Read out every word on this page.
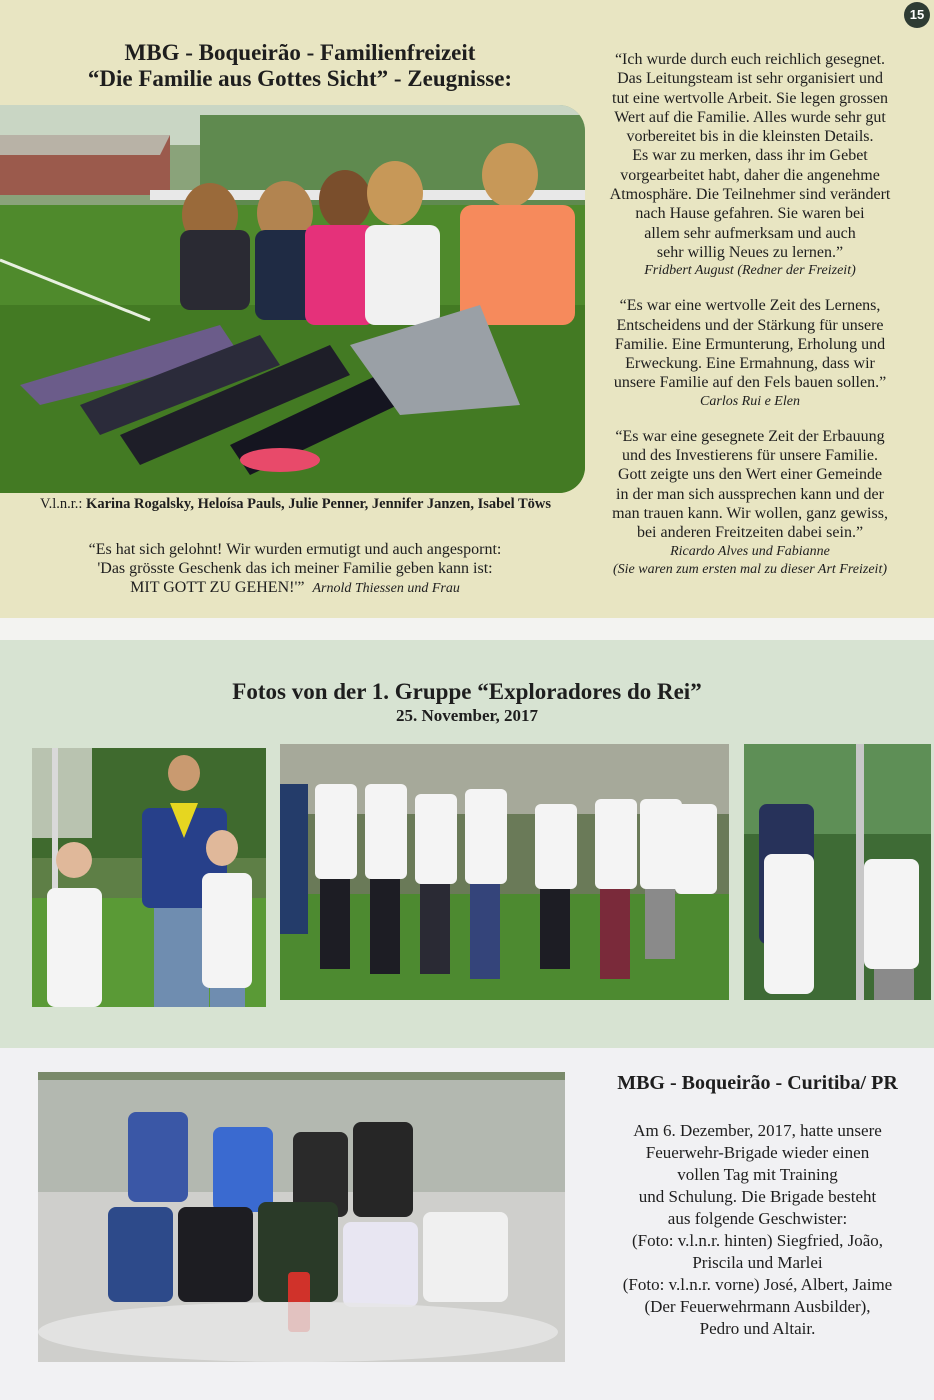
15
MBG - Boqueirão - Familienfreizeit
“Die Familie aus Gottes Sicht” - Zeugnisse:
V.l.n.r.: Karina Rogalsky, Heloísa Pauls, Julie Penner, Jennifer Janzen, Isabel Töws
“Es hat sich gelohnt! Wir wurden ermutigt und auch angespornt:
'Das grösste Geschenk das ich meiner Familie geben kann ist:
MIT GOTT ZU GEHEN!'” Arnold Thiessen und Frau

“Ich wurde durch euch reichlich gesegnet.
Das Leitungsteam ist sehr organisiert und
tut eine wertvolle Arbeit. Sie legen grossen
Wert auf die Familie. Alles wurde sehr gut
vorbereitet bis in die kleinsten Details.
Es war zu merken, dass ihr im Gebet
vorgearbeitet habt, daher die angenehme
Atmosphäre. Die Teilnehmer sind verändert
nach Hause gefahren. Sie waren bei
allem sehr aufmerksam und auch
sehr willig Neues zu lernen.”
Fridbert August (Redner der Freizeit)

“Es war eine wertvolle Zeit des Lernens,
Entscheidens und der Stärkung für unsere
Familie. Eine Ermunterung, Erholung und
Erweckung. Eine Ermahnung, dass wir
unsere Familie auf den Fels bauen sollen.”
Carlos Rui e Elen

“Es war eine gesegnete Zeit der Erbauung
und des Investierens für unsere Familie.
Gott zeigte uns den Wert einer Gemeinde
in der man sich aussprechen kann und der
man trauen kann. Wir wollen, ganz gewiss,
bei anderen Freitzeiten dabei sein.”
Ricardo Alves und Fabianne
(Sie waren zum ersten mal zu dieser Art Freizeit)

Fotos von der 1. Gruppe “Exploradores do Rei”
25. November, 2017
MBG - Boqueirão - Curitiba/ PR
Am 6. Dezember, 2017, hatte unsere
Feuerwehr-Brigade wieder einen
vollen Tag mit Training
und Schulung. Die Brigade besteht
aus folgende Geschwister:
(Foto: v.l.n.r. hinten) Siegfried, João,
Priscila und Marlei
(Foto: v.l.n.r. vorne) José, Albert, Jaime
(Der Feuerwehrmann Ausbilder),
Pedro und Altair.
